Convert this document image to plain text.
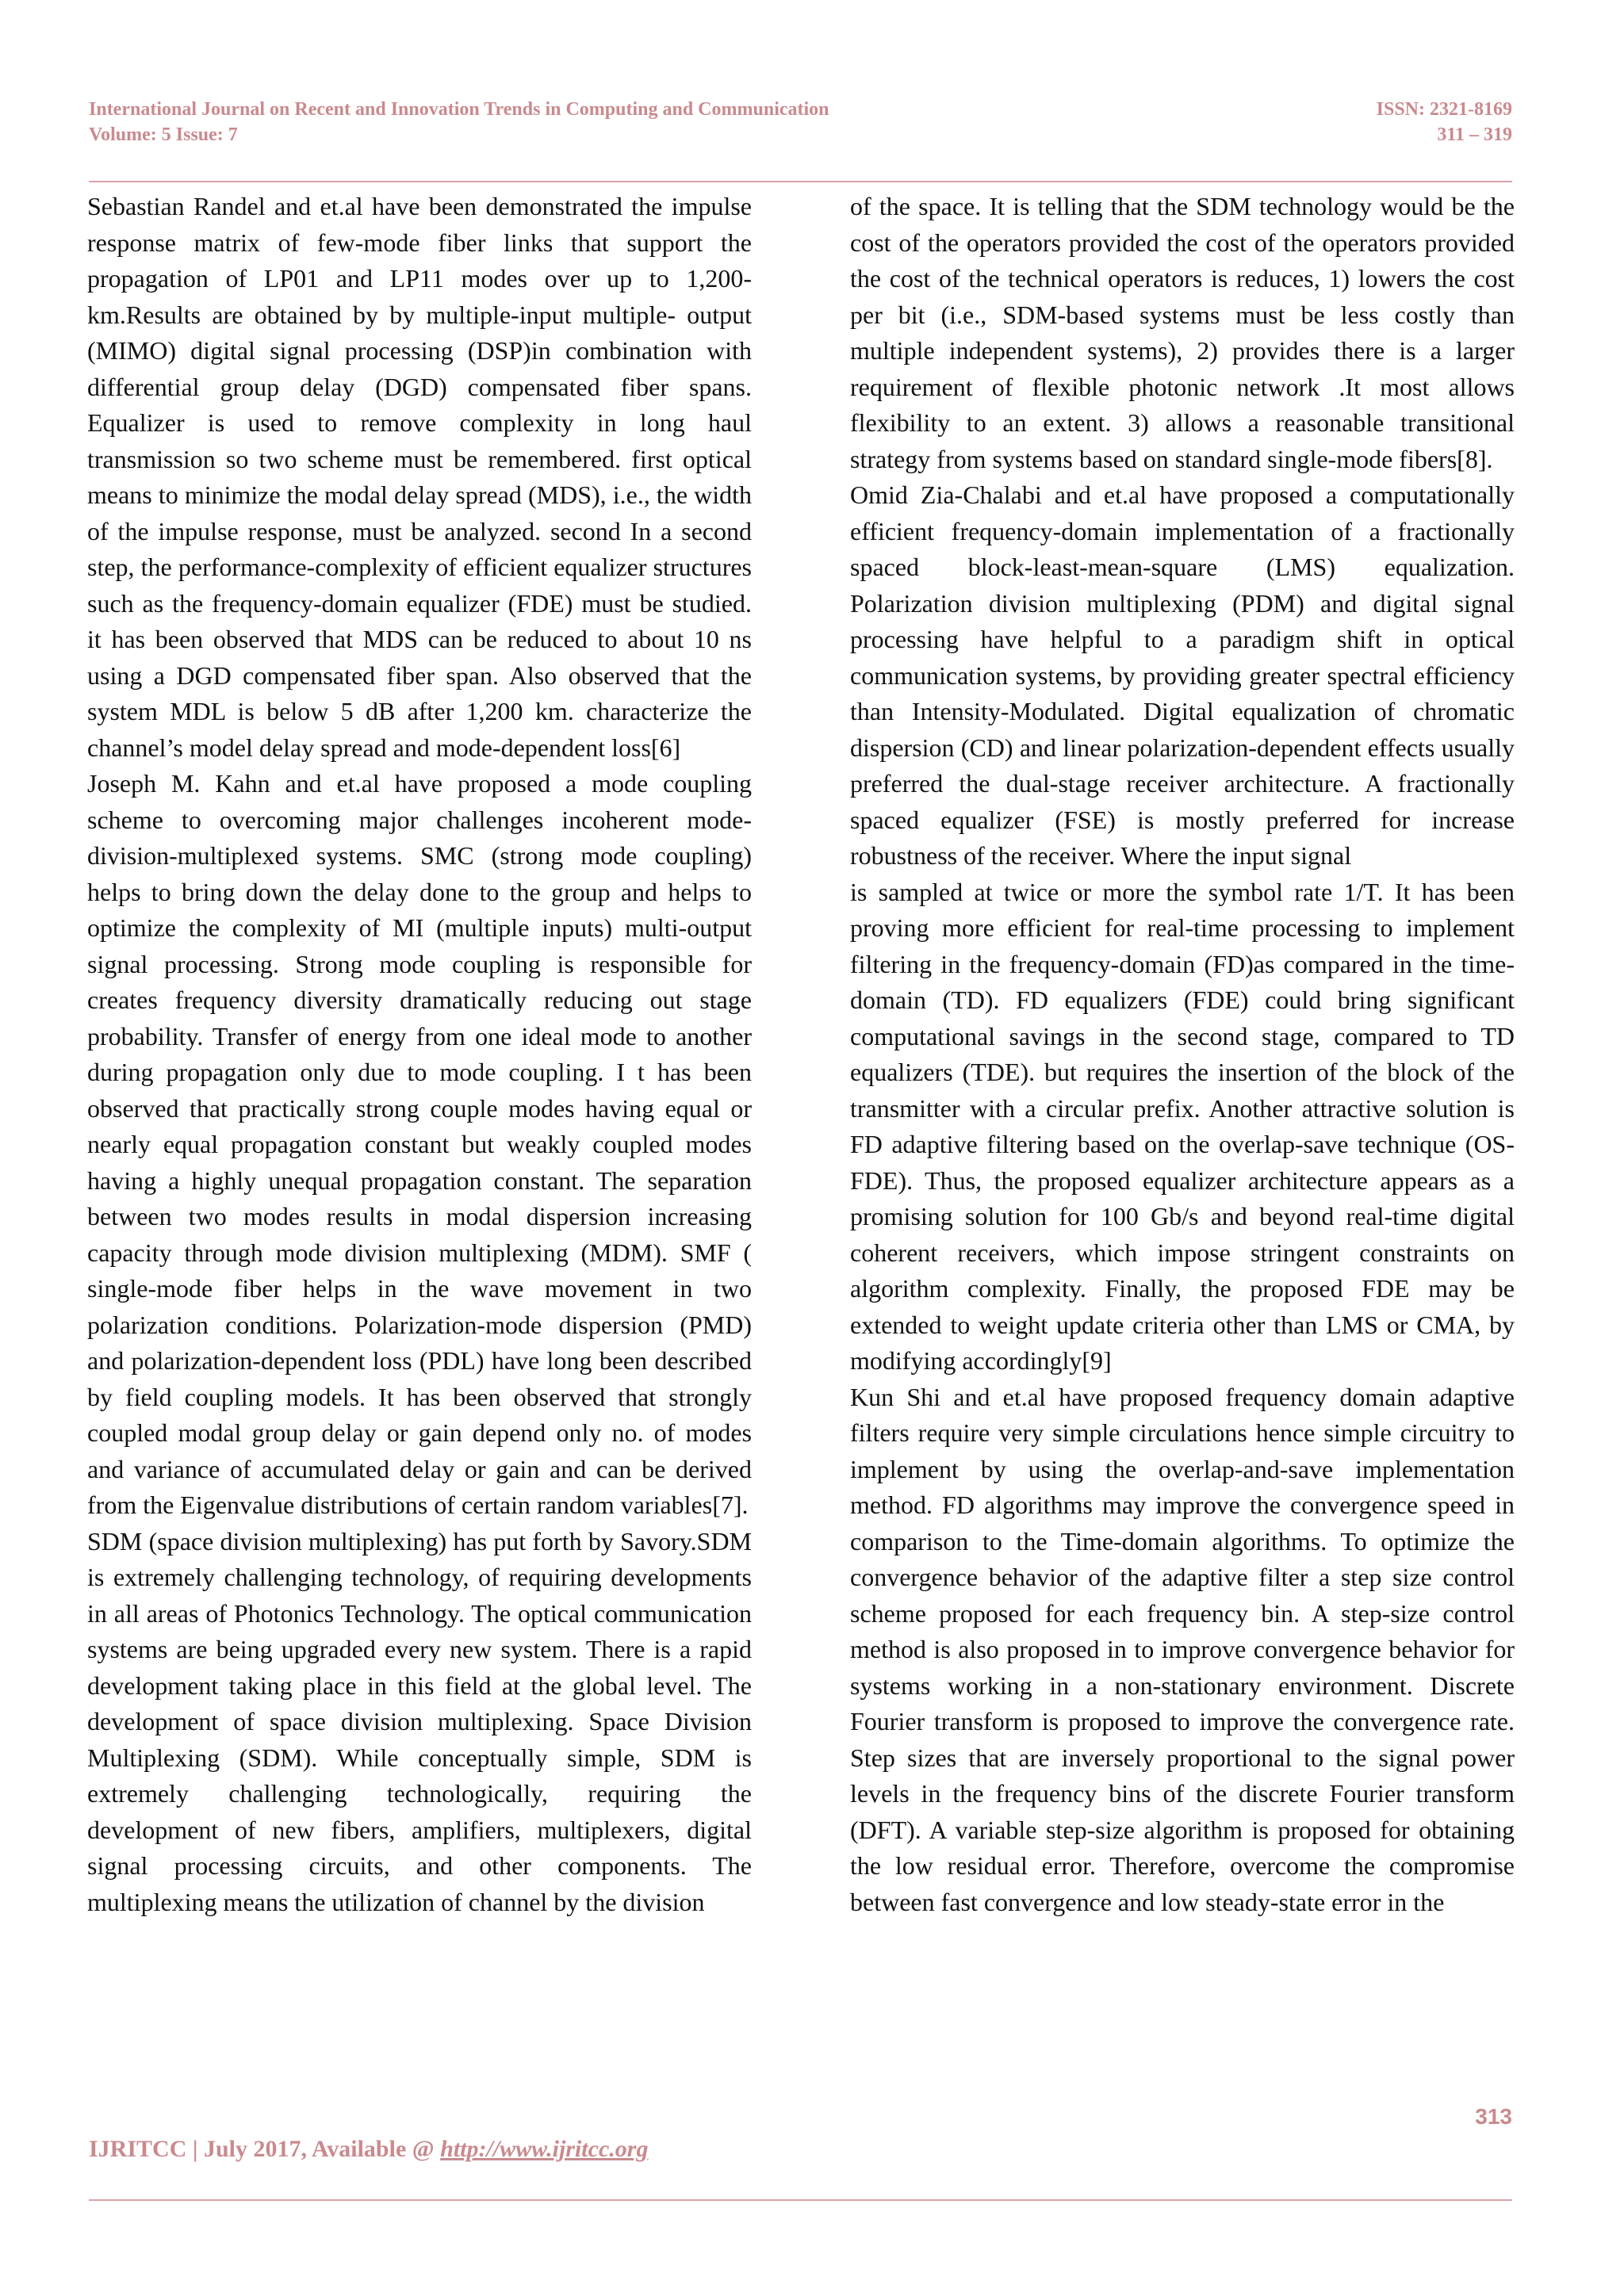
International Journal on Recent and Innovation Trends in Computing and Communication	ISSN: 2321-8169
Volume: 5 Issue: 7	311 – 319

Sebastian Randel and et.al have been demonstrated the impulse response matrix of few-mode fiber links that support the propagation of LP01 and LP11 modes over up to 1,200-km.Results are obtained by by multiple-input multiple- output (MIMO) digital signal processing (DSP)in combination with differential group delay (DGD) compensated fiber spans. Equalizer is used to remove complexity in long haul transmission so two scheme must be remembered. first optical means to minimize the modal delay spread (MDS), i.e., the width of the impulse response, must be analyzed. second In a second step, the performance-complexity of efficient equalizer structures such as the frequency-domain equalizer (FDE) must be studied. it has been observed that MDS can be reduced to about 10 ns using a DGD compensated fiber span. Also observed that the system MDL is below 5 dB after 1,200 km. characterize the channel’s model delay spread and mode-dependent loss[6]

Joseph M. Kahn and et.al have proposed a mode coupling scheme to overcoming major challenges incoherent mode-division-multiplexed systems. SMC (strong mode coupling) helps to bring down the delay done to the group and helps to optimize the complexity of MI (multiple inputs) multi-output signal processing. Strong mode coupling is responsible for creates frequency diversity dramatically reducing out stage probability. Transfer of energy from one ideal mode to another during propagation only due to mode coupling. I t has been observed that practically strong couple modes having equal or nearly equal propagation constant but weakly coupled modes having a highly unequal propagation constant. The separation between two modes results in modal dispersion increasing capacity through mode division multiplexing (MDM). SMF ( single-mode fiber helps in the wave movement in two polarization conditions. Polarization-mode dispersion (PMD) and polarization-dependent loss (PDL) have long been described by field coupling models. It has been observed that strongly coupled modal group delay or gain depend only no. of modes and variance of accumulated delay or gain and can be derived from the Eigenvalue distributions of certain random variables[7].

SDM (space division multiplexing) has put forth by Savory.SDM is extremely challenging technology, of requiring developments in all areas of Photonics Technology. The optical communication systems are being upgraded every new system. There is a rapid development taking place in this field at the global level. The development of space division multiplexing. Space Division Multiplexing (SDM). While conceptually simple, SDM is extremely challenging technologically, requiring the development of new fibers, amplifiers, multiplexers, digital signal processing circuits, and other components. The multiplexing means the utilization of channel by the division

of the space. It is telling that the SDM technology would be the cost of the operators provided the cost of the operators provided the cost of the technical operators is reduces, 1) lowers the cost per bit (i.e., SDM-based systems must be less costly than multiple independent systems), 2) provides there is a larger requirement of flexible photonic network .It most allows flexibility to an extent. 3) allows a reasonable transitional strategy from systems based on standard single-mode fibers[8].

Omid Zia-Chalabi and et.al have proposed a computationally efficient frequency-domain implementation of a fractionally spaced block-least-mean-square (LMS) equalization. Polarization division multiplexing (PDM) and digital signal processing have helpful to a paradigm shift in optical communication systems, by providing greater spectral efficiency than Intensity-Modulated. Digital equalization of chromatic dispersion (CD) and linear polarization-dependent effects usually preferred the dual-stage receiver architecture. A fractionally spaced equalizer (FSE) is mostly preferred for increase robustness of the receiver. Where the input signal

is sampled at twice or more the symbol rate 1/T. It has been proving more efficient for real-time processing to implement filtering in the frequency-domain (FD)as compared in the time-domain (TD). FD equalizers (FDE) could bring significant computational savings in the second stage, compared to TD equalizers (TDE). but requires the insertion of the block of the transmitter with a circular prefix. Another attractive solution is FD adaptive filtering based on the overlap-save technique (OS-FDE). Thus, the proposed equalizer architecture appears as a promising solution for 100 Gb/s and beyond real-time digital coherent receivers, which impose stringent constraints on algorithm complexity. Finally, the proposed FDE may be extended to weight update criteria other than LMS or CMA, by modifying accordingly[9]

Kun Shi and et.al have proposed frequency domain adaptive filters require very simple circulations hence simple circuitry to implement by using the overlap-and-save implementation method. FD algorithms may improve the convergence speed in comparison to the Time-domain algorithms. To optimize the convergence behavior of the adaptive filter a step size control scheme proposed for each frequency bin. A step-size control method is also proposed in to improve convergence behavior for systems working in a non-stationary environment. Discrete Fourier transform is proposed to improve the convergence rate. Step sizes that are inversely proportional to the signal power levels in the frequency bins of the discrete Fourier transform (DFT). A variable step-size algorithm is proposed for obtaining the low residual error. Therefore, overcome the compromise between fast convergence and low steady-state error in the

313
IJRITCC | July 2017, Available @ http://www.ijritcc.org
